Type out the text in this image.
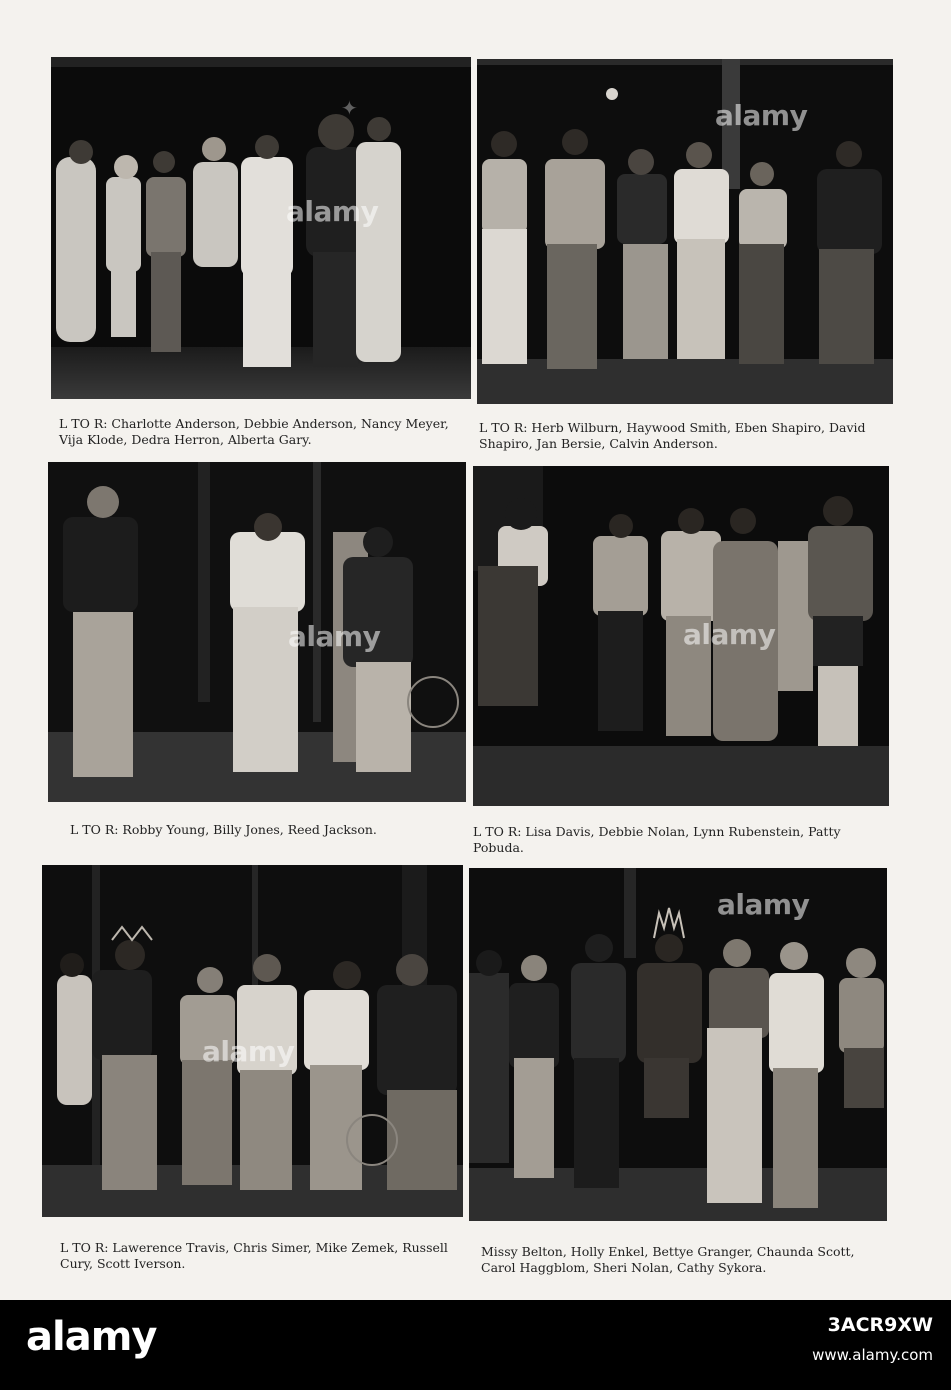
✦
alamy
L TO R: Charlotte Anderson, Debbie Anderson, Nancy Meyer, Vija Klode, Dedra Herron, Alberta Gary.
alamy
L TO R: Herb Wilburn, Haywood Smith, Eben Shapiro, David Shapiro, Jan Bersie, Calvin Anderson.
alamy
L TO R: Robby Young, Billy Jones, Reed Jackson.
alamy
L TO R: Lisa Davis, Debbie Nolan, Lynn Rubenstein, Patty Pobuda.
alamy
L TO R: Lawerence Travis, Chris Simer, Mike Zemek, Russell Cury, Scott Iverson.
alamy
Missy Belton, Holly Enkel, Bettye Granger, Chaunda Scott, Carol Haggblom, Sheri Nolan, Cathy Sykora.
alamy	3ACR9XW
www.alamy.com
